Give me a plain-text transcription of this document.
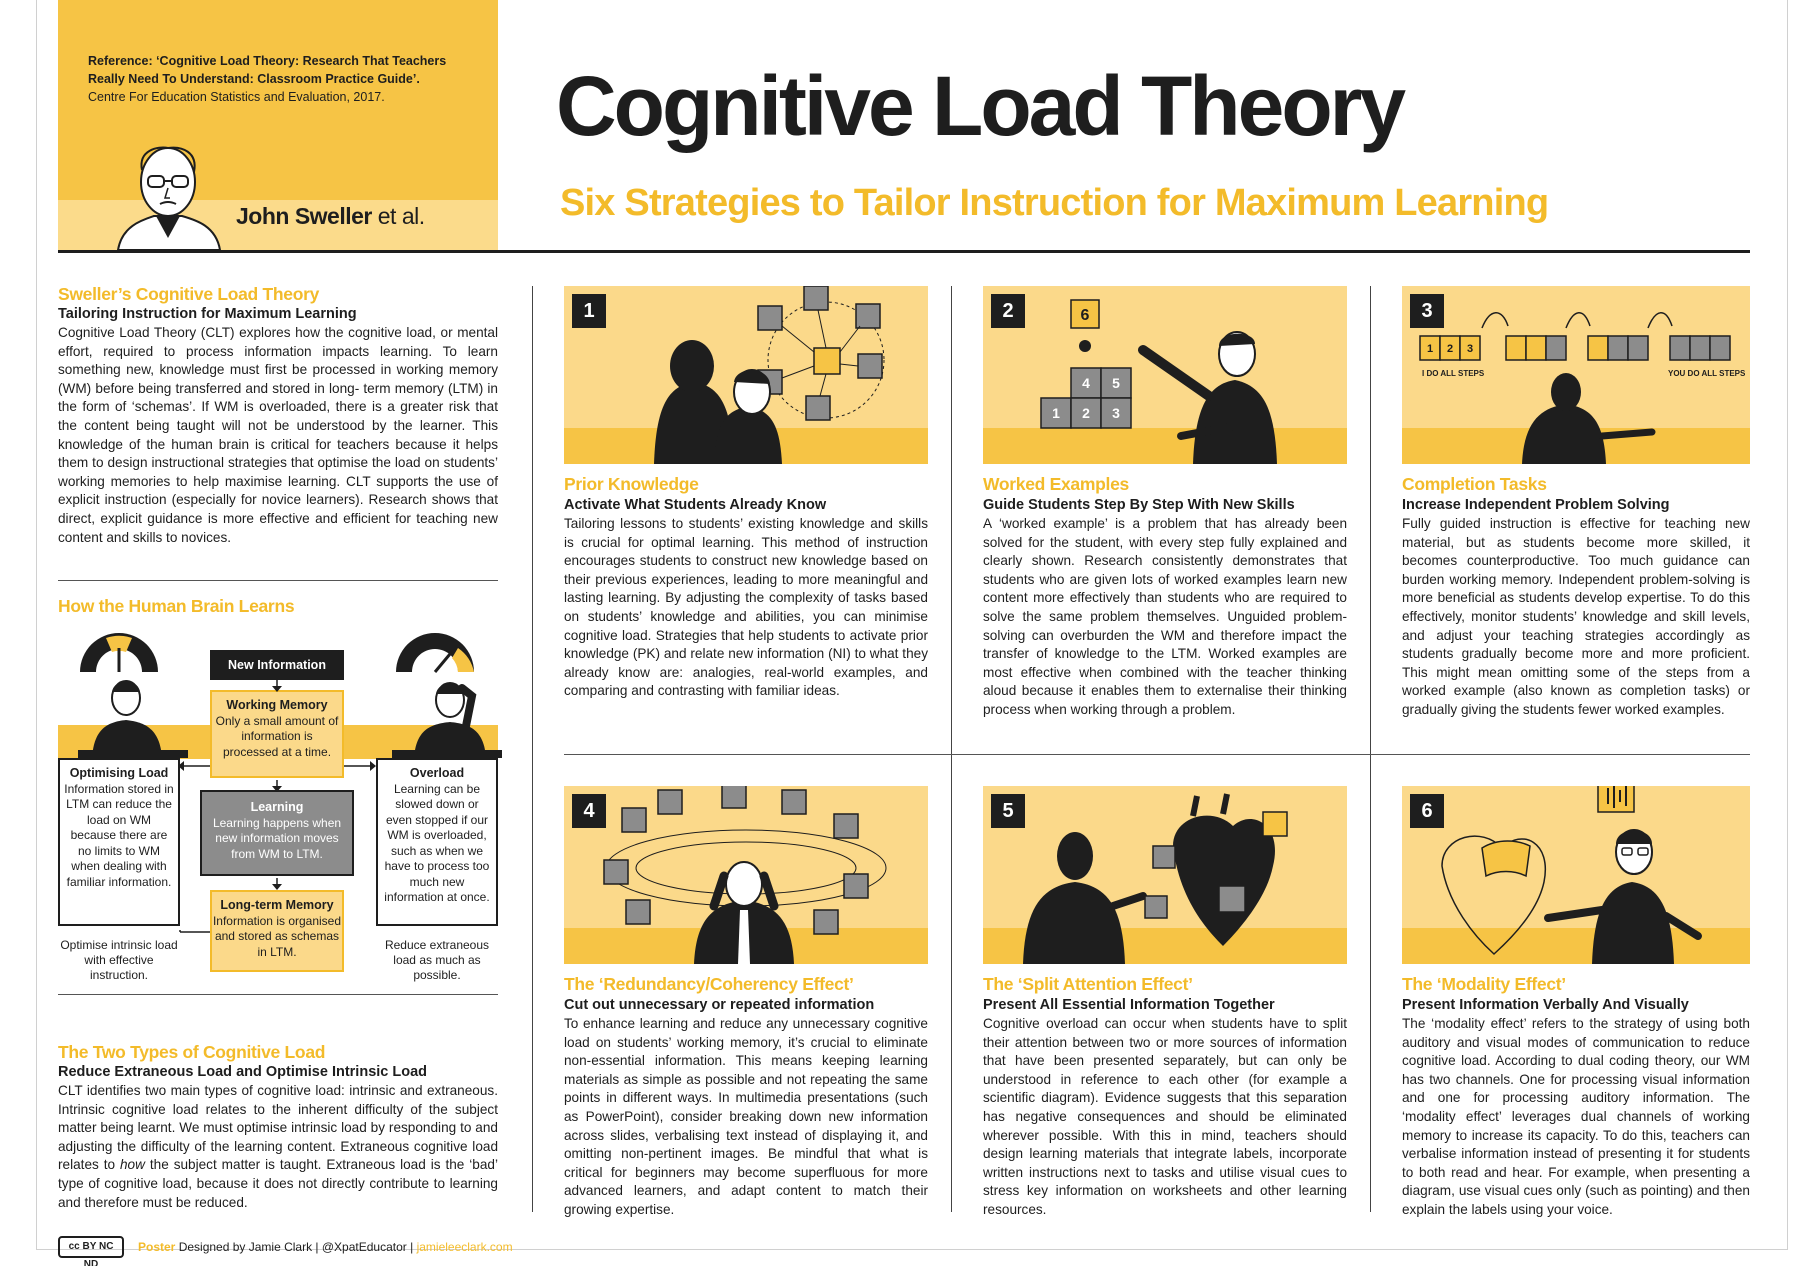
Reference: ‘Cognitive Load Theory: Research That Teachers Really Need To Understand: Classroom Practice Guide’.
Centre For Education Statistics and Evaluation, 2017.
John Sweller et al.
Cognitive Load Theory
Six Strategies to Tailor Instruction for Maximum Learning
Sweller’s Cognitive Load Theory
Tailoring Instruction for Maximum Learning
Cognitive Load Theory (CLT) explores how the cognitive load, or mental effort, required to process information impacts learning. To learn something new, knowledge must first be processed in working memory (WM) before being transferred and stored in long- term memory (LTM) in the form of ‘schemas’. If WM is overloaded, there is a greater risk that the content being taught will not be understood by the learner. This knowledge of the human brain is critical for teachers because it helps them to design instructional strategies that optimise the load on students’ working memories to help maximise learning. CLT supports the use of explicit instruction (especially for novice learners). Research shows that direct, explicit guidance is more effective and efficient for teaching new content and skills to novices.
How the Human Brain Learns
New Information
Working Memory
Only a small amount of information is processed at a time.
Learning
Learning happens when new information moves from WM to LTM.
Long-term Memory
Information is organised and stored as schemas in LTM.
Optimising Load
Information stored in LTM can reduce the load on WM because there are no limits to WM when dealing with familiar information.
Overload
Learning can be slowed down or even stopped if our WM is overloaded, such as when we have to process too much new information at once.
Optimise intrinsic load with effective instruction.
Reduce extraneous load as much as possible.
The Two Types of Cognitive Load
Reduce Extraneous Load and Optimise Intrinsic Load
CLT identifies two main types of cognitive load: intrinsic and extraneous. Intrinsic cognitive load relates to the inherent difficulty of the subject matter being learnt. We must optimise intrinsic load by responding to and adjusting the difficulty of the learning content. Extraneous cognitive load relates to how the subject matter is taught. Extraneous load is the ‘bad’ type of cognitive load, because it does not directly contribute to learning and therefore must be reduced.
1
Prior Knowledge
Activate What Students Already Know
Tailoring lessons to students’ existing knowledge and skills is crucial for optimal learning. This method of instruction encourages students to construct new knowledge based on their previous experiences, leading to more meaningful and lasting learning. By adjusting the complexity of tasks based on students’ knowledge and abilities, you can minimise cognitive load. Strategies that help students to activate prior knowledge (PK) and relate new information (NI) to what they already know are: analogies, real-world examples, and comparing and contrasting with familiar ideas.
2	6
4 5
1 2 3
Worked Examples
Guide Students Step By Step With New Skills
A ‘worked example’ is a problem that has already been solved for the student, with every step fully explained and clearly shown. Research consistently demonstrates that students who are given lots of worked examples learn new content more effectively than students who are required to solve the same problem themselves. Unguided problem-solving can overburden the WM and therefore impact the transfer of knowledge to the LTM. Worked examples are most effective when combined with the teacher thinking aloud because it enables them to externalise their thinking process when working through a problem.
3
1 2 3
I DO ALL STEPS	YOU DO ALL STEPS
Completion Tasks
Increase Independent Problem Solving
Fully guided instruction is effective for teaching new material, but as students become more skilled, it becomes counterproductive. Too much guidance can burden working memory. Independent problem-solving is more beneficial as students develop expertise. To do this effectively, monitor students’ knowledge and skill levels, and adjust your teaching strategies accordingly as students gradually become more and more proficient. This might mean omitting some of the steps from a worked example (also known as completion tasks) or gradually giving the students fewer worked examples.
4
The ‘Redundancy/Coherency Effect’
Cut out unnecessary or repeated information
To enhance learning and reduce any unnecessary cognitive load on students’ working memory, it’s crucial to eliminate non-essential information. This means keeping learning materials as simple as possible and not repeating the same points in different ways. In multimedia presentations (such as PowerPoint), consider breaking down new information across slides, verbalising text instead of displaying it, and omitting non-pertinent images. Be mindful that what is critical for beginners may become superfluous for more advanced learners, and adapt content to match their growing expertise.
5
The ‘Split Attention Effect’
Present All Essential Information Together
Cognitive overload can occur when students have to split their attention between two or more sources of information that have been presented separately, but can only be understood in reference to each other (for example a scientific diagram). Evidence suggests that this separation has negative consequences and should be eliminated wherever possible. With this in mind, teachers should design learning materials that integrate labels, incorporate written instructions next to tasks and utilise visual cues to stress key information on worksheets and other learning resources.
6
The ‘Modality Effect’
Present Information Verbally And Visually
The ‘modality effect’ refers to the strategy of using both auditory and visual modes of communication to reduce cognitive load. According to dual coding theory, our WM has two channels. One for processing visual information and one for processing auditory information. The ‘modality effect’ leverages dual channels of working memory to increase its capacity. To do this, teachers can verbalise information instead of presenting it for students to both read and hear. For example, when presenting a diagram, use visual cues only (such as pointing) and then explain the labels using your voice.
cc BY NC ND
Poster Designed by Jamie Clark | @XpatEducator | jamieleeclark.com
